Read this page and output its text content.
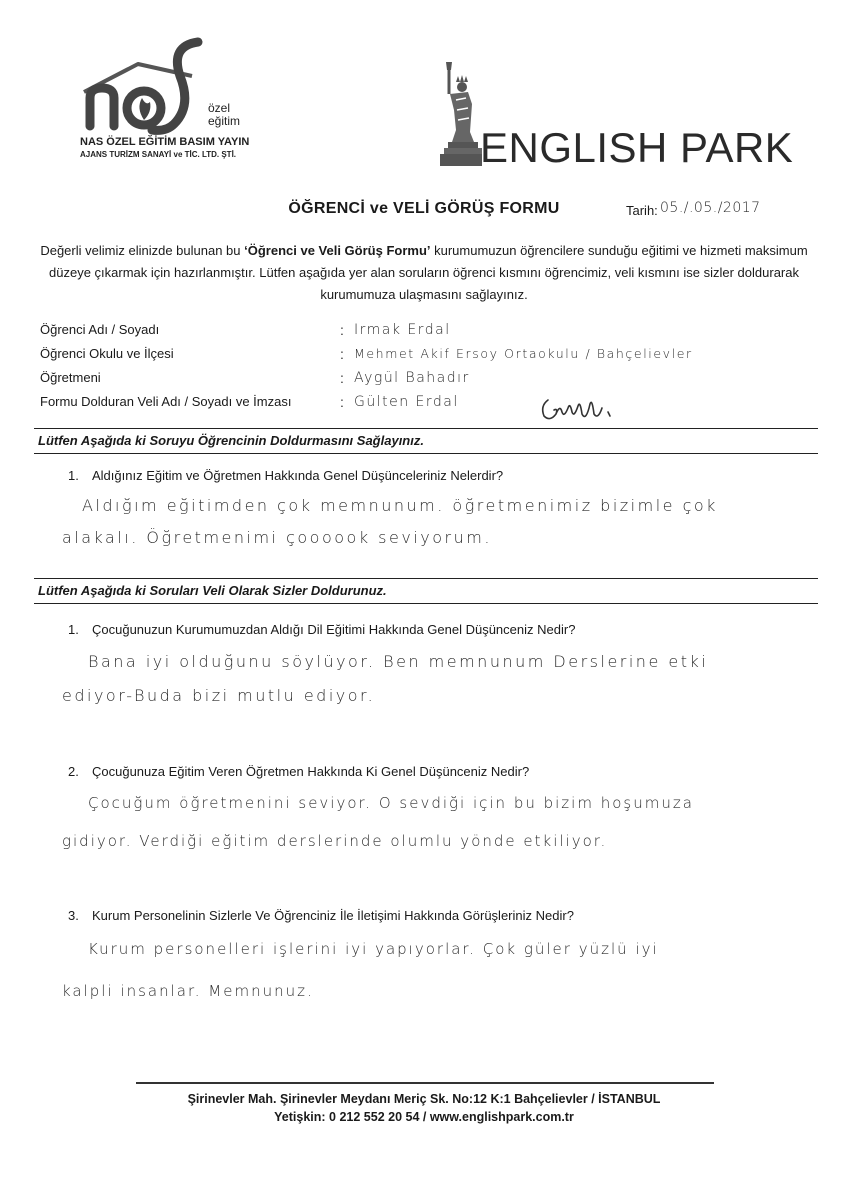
özel
eğitim
NAS ÖZEL EĞİTİM BASIM YAYIN
AJANS TURİZM SANAYİ ve TİC. LTD. ŞTİ.	ENGLISH PARK
ÖĞRENCİ ve VELİ GÖRÜŞ FORMU	Tarih: 05./.05./2017
Değerli velimiz elinizde bulunan bu ‘Öğrenci ve Veli Görüş Formu’ kurumumuzun öğrencilere sunduğu eğitimi ve hizmeti maksimum düzeye çıkarmak için hazırlanmıştır. Lütfen aşağıda yer alan soruların öğrenci kısmını öğrencimiz, veli kısmını ise sizler doldurarak kurumumuza ulaşmasını sağlayınız.
Öğrenci Adı / Soyadı
Öğrenci Okulu ve İlçesi
Öğretmeni
Formu Dolduran Veli Adı / Soyadı ve İmzası
:
:
:
:
Irmak Erdal
Mehmet Akif Ersoy Ortaokulu / Bahçelievler
Aygül Bahadır
Gülten Erdal
Lütfen Aşağıda ki Soruyu Öğrencinin Doldurmasını Sağlayınız.
1. Aldığınız Eğitim ve Öğretmen Hakkında Genel Düşünceleriniz Nelerdir?
Aldığım eğitimden çok memnunum. öğretmenimiz bizimle çok
alakalı. Öğretmenimi çoooook seviyorum.
Lütfen Aşağıda ki Soruları Veli Olarak Sizler Doldurunuz.
1. Çocuğunuzun Kurumumuzdan Aldığı Dil Eğitimi Hakkında Genel Düşünceniz Nedir?
Bana iyi olduğunu söylüyor. Ben memnunum Derslerine etki
ediyor-Buda bizi mutlu ediyor.
2. Çocuğunuza Eğitim Veren Öğretmen Hakkında Ki Genel Düşünceniz Nedir?
Çocuğum öğretmenini seviyor. O sevdiği için bu bizim hoşumuza
gidiyor. Verdiği eğitim derslerinde olumlu yönde etkiliyor.
3. Kurum Personelinin Sizlerle Ve Öğrenciniz İle İletişimi Hakkında Görüşleriniz Nedir?
Kurum personelleri işlerini iyi yapıyorlar. Çok güler yüzlü iyi
kalpli insanlar. Memnunuz.
Şirinevler Mah. Şirinevler Meydanı Meriç Sk. No:12 K:1 Bahçelievler / İSTANBUL
Yetişkin: 0 212 552 20 54 / www.englishpark.com.tr
